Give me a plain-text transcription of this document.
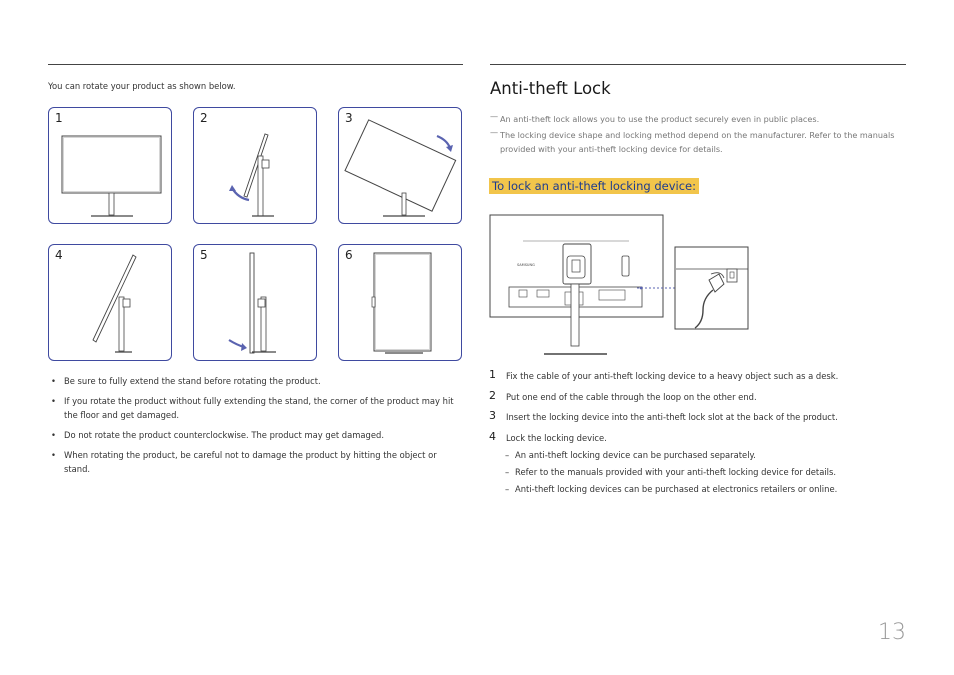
You can rotate your product as shown below.
1	2	3
4	5	6
• Be sure to fully extend the stand before rotating the product.
• If you rotate the product without fully extending the stand, the corner of the product may hit the floor and get damaged.
• Do not rotate the product counterclockwise. The product may get damaged.
• When rotating the product, be careful not to damage the product by hitting the object or stand.
Anti-theft Lock
— An anti-theft lock allows you to use the product securely even in public places.
— The locking device shape and locking method depend on the manufacturer. Refer to the manuals provided with your anti-theft locking device for details.
To lock an anti-theft locking device:
SAMSUNG
1 Fix the cable of your anti-theft locking device to a heavy object such as a desk.
2 Put one end of the cable through the loop on the other end.
3 Insert the locking device into the anti-theft lock slot at the back of the product.
4 Lock the locking device.
– An anti-theft locking device can be purchased separately.
– Refer to the manuals provided with your anti-theft locking device for details.
– Anti-theft locking devices can be purchased at electronics retailers or online.
13
